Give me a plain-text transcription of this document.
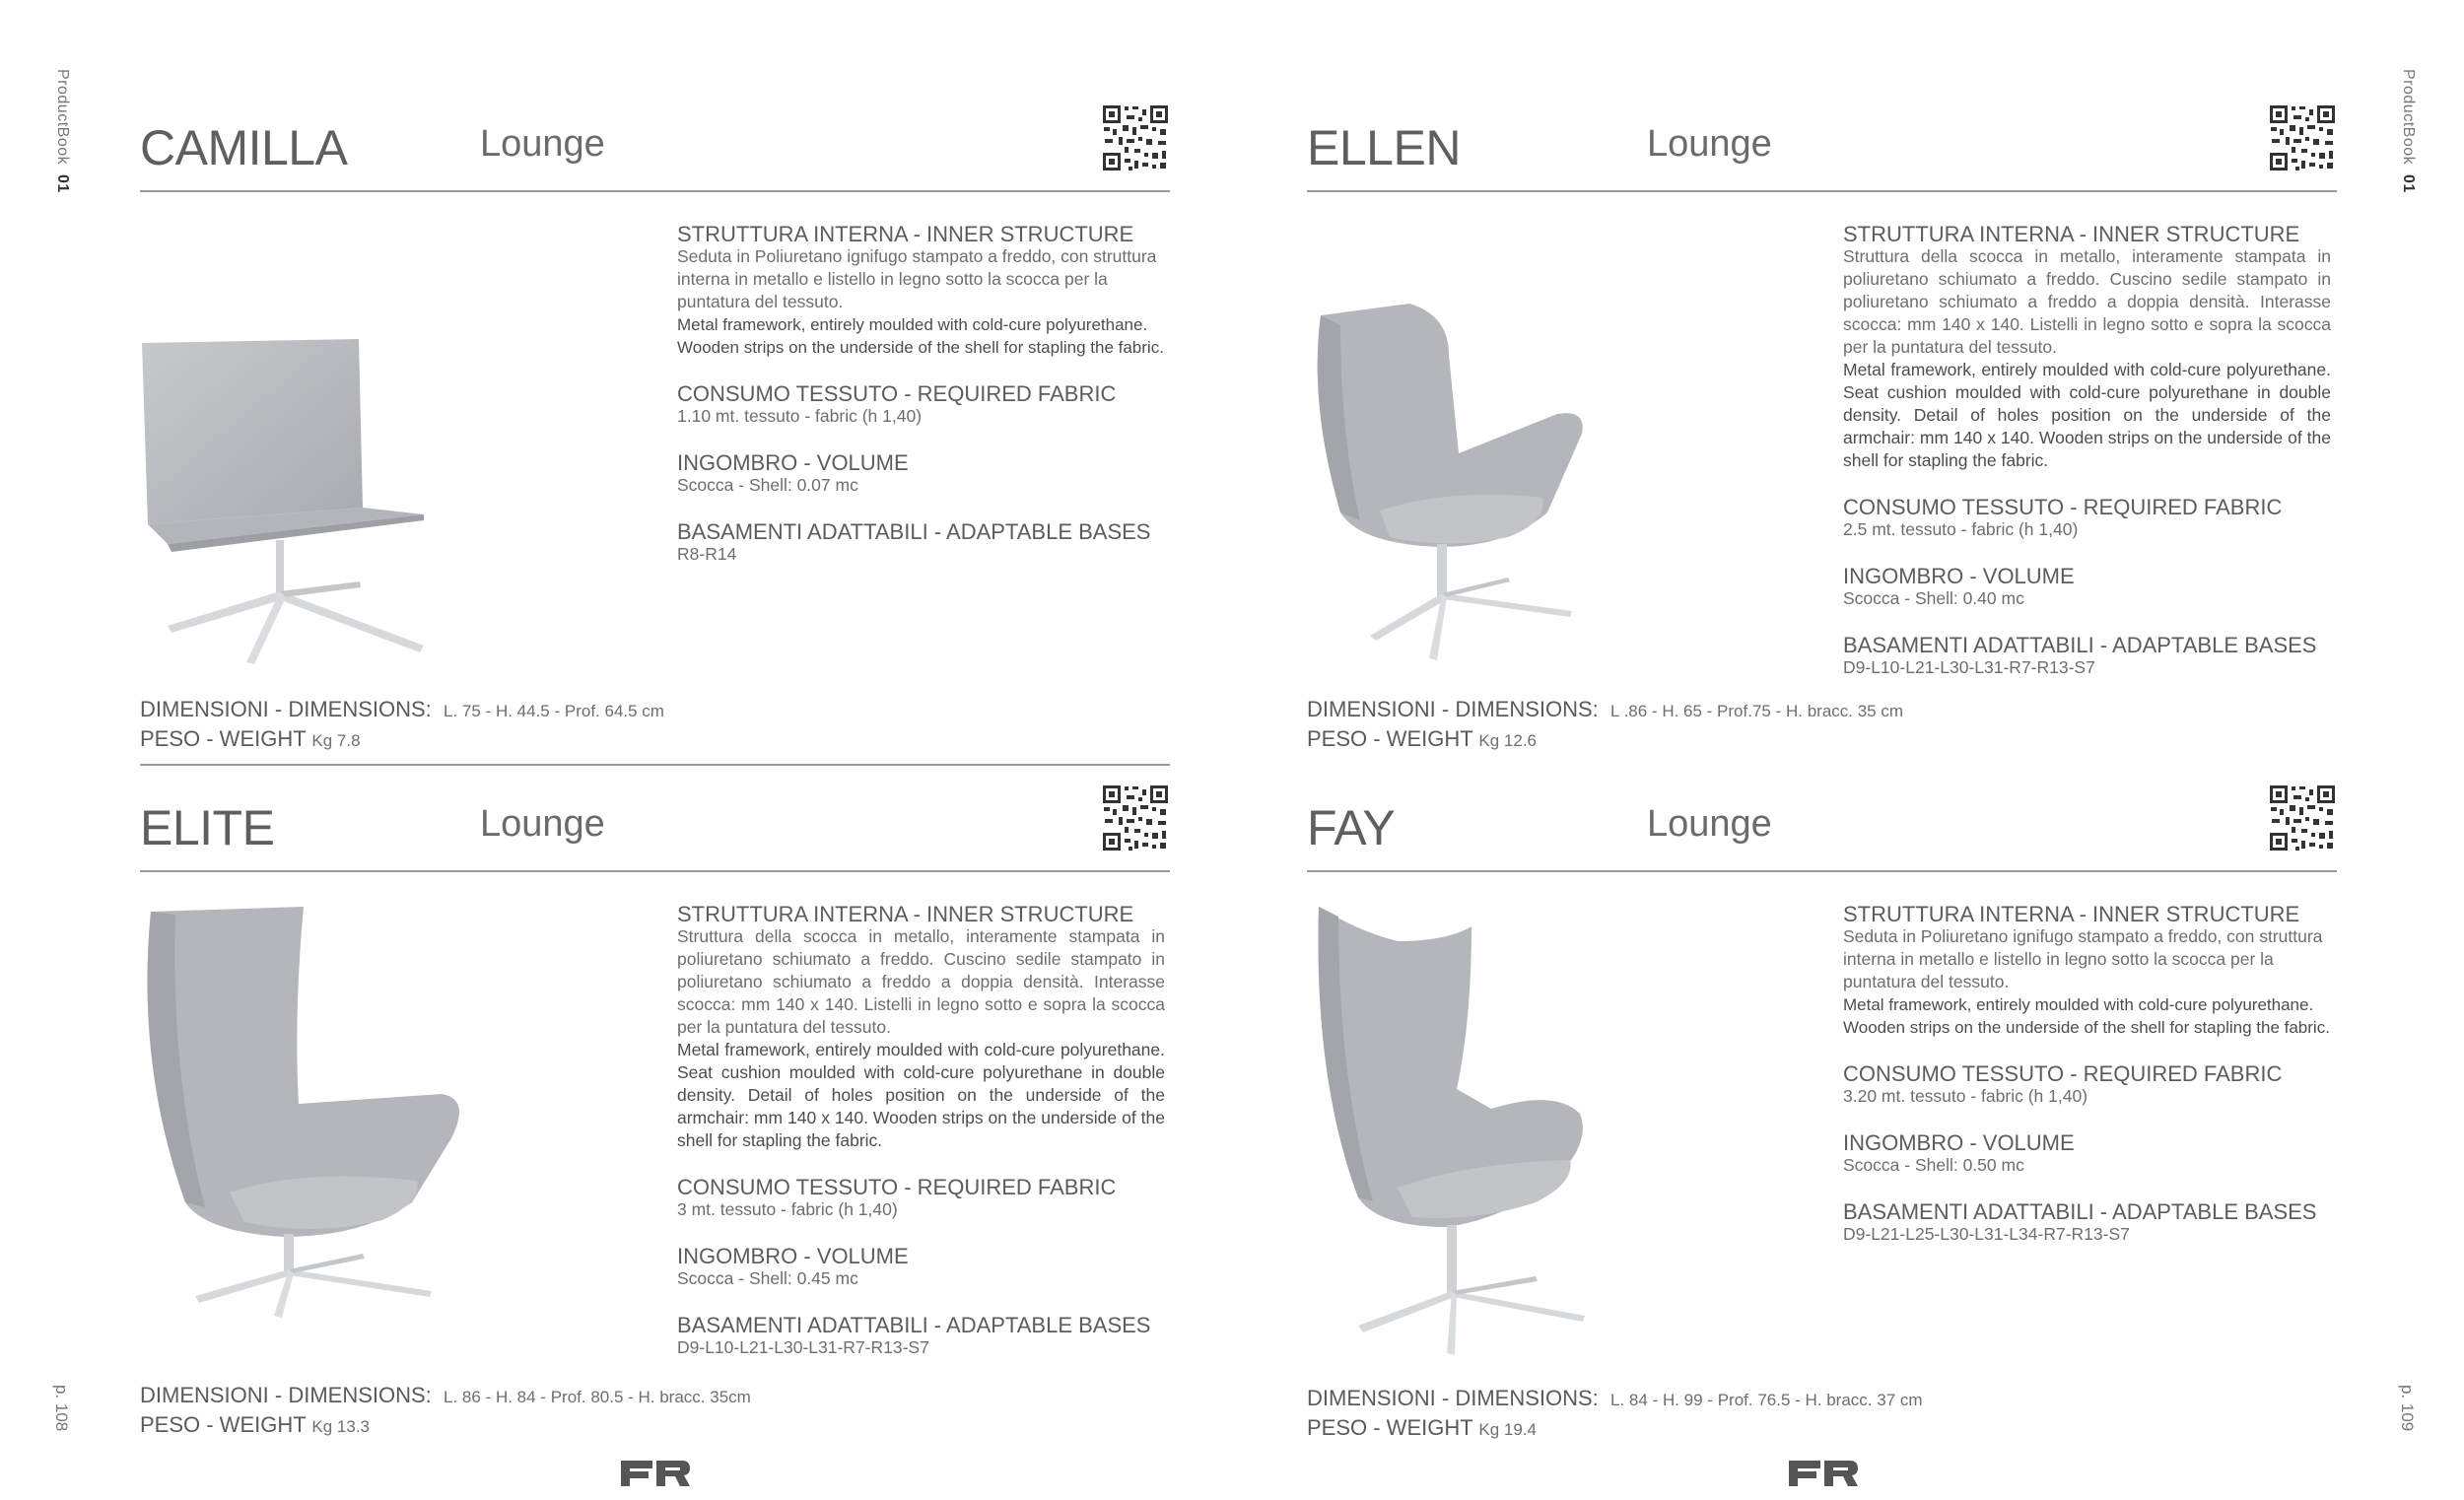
ProductBook  01
ProductBook  01
CAMILLA	Lounge

STRUTTURA INTERNA - INNER STRUCTURE

Seduta in Poliuretano ignifugo stampato a freddo, con struttura interna in metallo e listello in legno sotto la scocca per la puntatura del tessuto.

Metal framework, entirely moulded with cold-cure polyurethane. Wooden strips on the underside of the shell for stapling the fabric.

CONSUMO TESSUTO - REQUIRED FABRIC

1.10 mt. tessuto - fabric (h 1,40)

INGOMBRO - VOLUME

Scocca - Shell: 0.07 mc

BASAMENTI ADATTABILI - ADAPTABLE BASES

R8-R14

DIMENSIONI - DIMENSIONS: L. 75 - H. 44.5 - Prof. 64.5 cm
PESO - WEIGHT Kg 7.8
ELLEN	Lounge

STRUTTURA INTERNA - INNER STRUCTURE

Struttura della scocca in metallo, interamente stampata in poliuretano schiumato a freddo. Cuscino sedile stampato in poliuretano schiumato a freddo a doppia densità. Interasse scocca: mm 140 x 140. Listelli in legno sotto e sopra la scocca per la puntatura del tessuto.

Metal framework, entirely moulded with cold-cure polyurethane. Seat cushion moulded with cold-cure polyurethane in double density. Detail of holes position on the underside of the armchair: mm 140 x 140. Wooden strips on the underside of the shell for stapling the fabric.

CONSUMO TESSUTO - REQUIRED FABRIC

2.5 mt. tessuto - fabric (h 1,40)

INGOMBRO - VOLUME

Scocca - Shell: 0.40 mc

BASAMENTI ADATTABILI - ADAPTABLE BASES

D9-L10-L21-L30-L31-R7-R13-S7

DIMENSIONI - DIMENSIONS: L .86 - H. 65 - Prof.75 - H. bracc. 35 cm
PESO - WEIGHT Kg 12.6
ELITE	Lounge

STRUTTURA INTERNA - INNER STRUCTURE

Struttura della scocca in metallo, interamente stampata in poliuretano schiumato a freddo. Cuscino sedile stampato in poliuretano schiumato a freddo a doppia densità. Interasse scocca: mm 140 x 140. Listelli in legno sotto e sopra la scocca per la puntatura del tessuto.

Metal framework, entirely moulded with cold-cure polyurethane. Seat cushion moulded with cold-cure polyurethane in double density. Detail of holes position on the underside of the armchair: mm 140 x 140. Wooden strips on the underside of the shell for stapling the fabric.

CONSUMO TESSUTO - REQUIRED FABRIC

3 mt. tessuto - fabric (h 1,40)

INGOMBRO - VOLUME

Scocca - Shell: 0.45 mc

BASAMENTI ADATTABILI - ADAPTABLE BASES

D9-L10-L21-L30-L31-R7-R13-S7

DIMENSIONI - DIMENSIONS: L. 86 - H. 84 - Prof. 80.5 - H. bracc. 35cm
PESO - WEIGHT Kg 13.3
FAY	Lounge

STRUTTURA INTERNA - INNER STRUCTURE

Seduta in Poliuretano ignifugo stampato a freddo, con struttura interna in metallo e listello in legno sotto la scocca per la puntatura del tessuto.

Metal framework, entirely moulded with cold-cure polyurethane. Wooden strips on the underside of the shell for stapling the fabric.

CONSUMO TESSUTO - REQUIRED FABRIC

3.20 mt. tessuto - fabric (h 1,40)

INGOMBRO - VOLUME

Scocca - Shell: 0.50 mc

BASAMENTI ADATTABILI - ADAPTABLE BASES

D9-L21-L25-L30-L31-L34-R7-R13-S7

DIMENSIONI - DIMENSIONS: L. 84 - H. 99 - Prof. 76.5 - H. bracc. 37 cm
PESO - WEIGHT Kg 19.4
p. 108	p. 109
